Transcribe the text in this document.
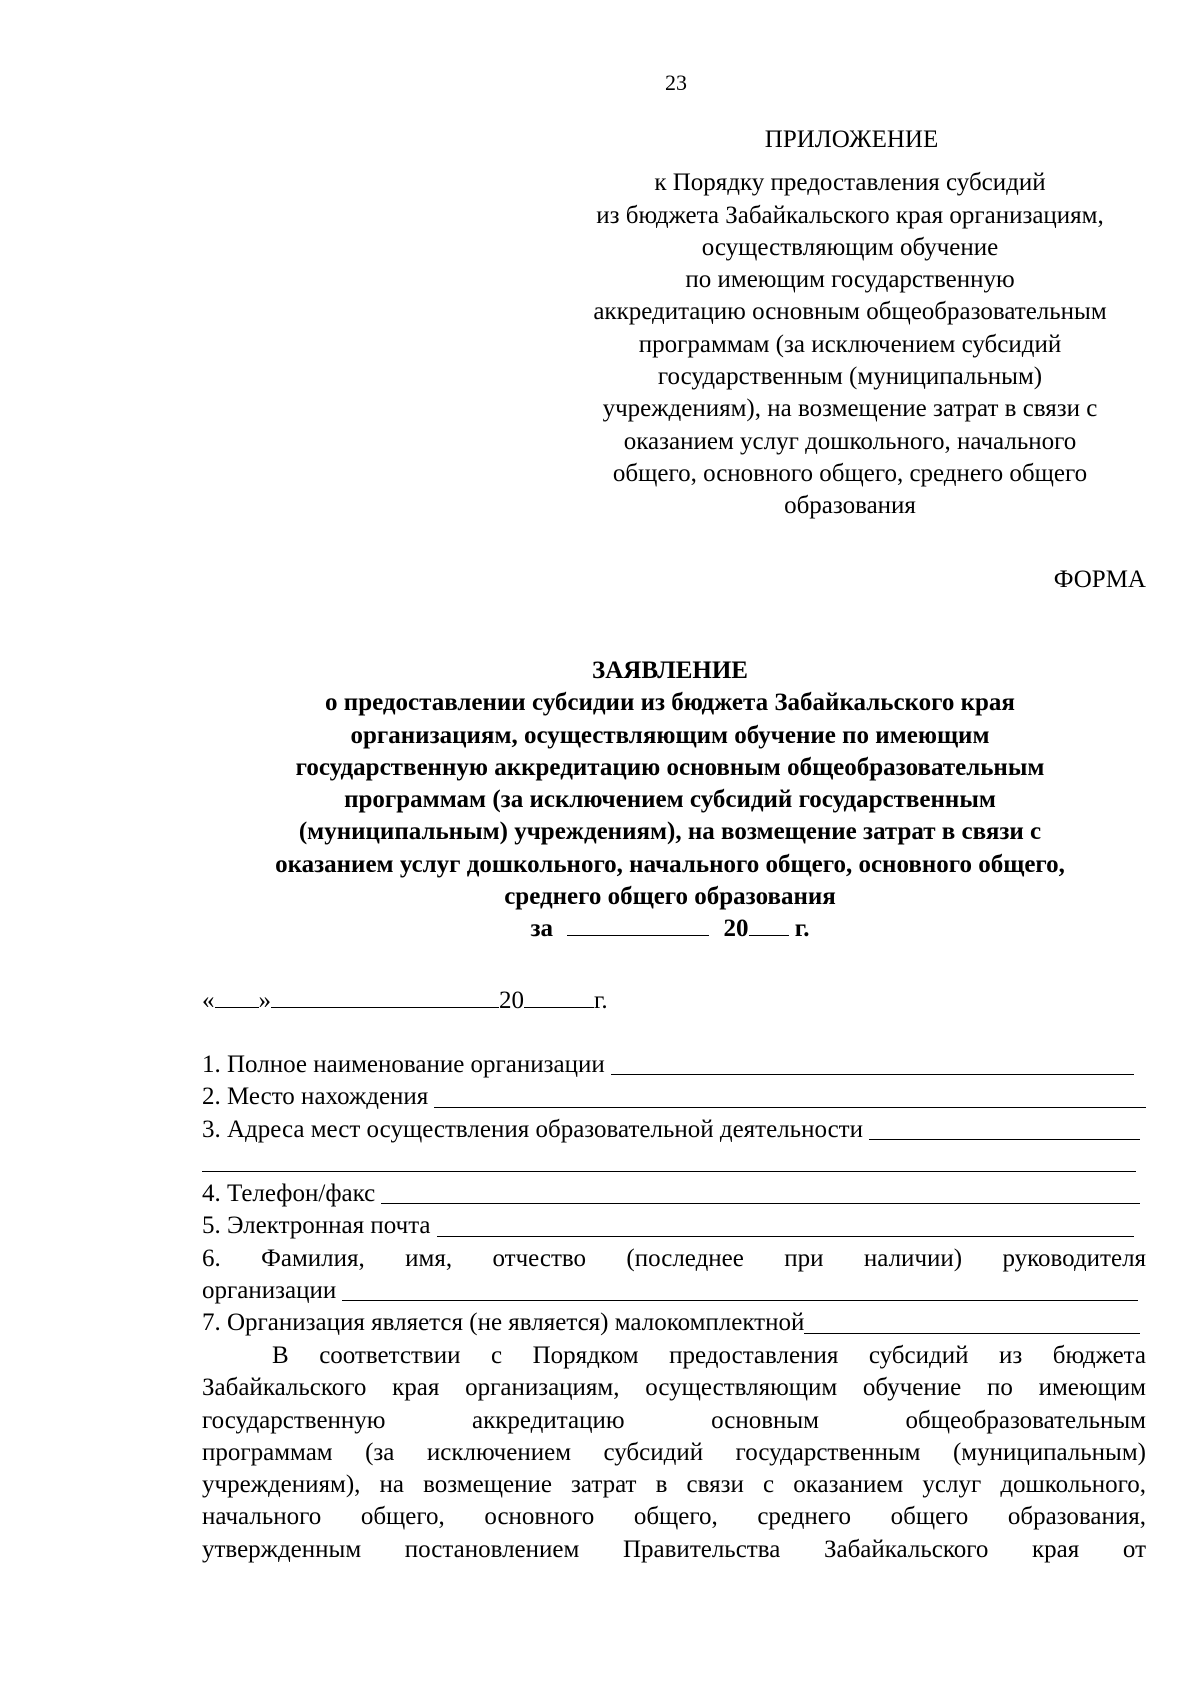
23
ПРИЛОЖЕНИЕ
к Порядку предоставления субсидий
из бюджета Забайкальского края организациям,
осуществляющим обучение
по имеющим государственную
аккредитацию основным общеобразовательным
программам (за исключением субсидий
государственным (муниципальным)
учреждениям), на возмещение затрат в связи с
оказанием услуг дошкольного, начального
общего, основного общего, среднего общего
образования
ФОРМА
ЗАЯВЛЕНИЕ
о предоставлении субсидии из бюджета Забайкальского края
организациям, осуществляющим обучение по имеющим
государственную аккредитацию основным общеобразовательным
программам (за исключением субсидий государственным
(муниципальным) учреждениям), на возмещение затрат в связи с
оказанием услуг дошкольного, начального общего, основного общего,
среднего общего образования
за	20 г.
« »	20	г.
1. Полное наименование организации
2. Место нахождения
3. Адреса мест осуществления образовательной деятельности
4. Телефон/факс
5. Электронная почта
6. Фамилия, имя, отчество (последнее при наличии) руководителя
организации
7. Организация является (не является) малокомплектной
В соответствии с Порядком предоставления субсидий из бюджета
Забайкальского края организациям, осуществляющим обучение по имеющим
государственную аккредитацию основным общеобразовательным
программам (за исключением субсидий государственным (муниципальным)
учреждениям), на возмещение затрат в связи с оказанием услуг дошкольного,
начального общего, основного общего, среднего общего образования,
утвержденным постановлением Правительства Забайкальского края от
